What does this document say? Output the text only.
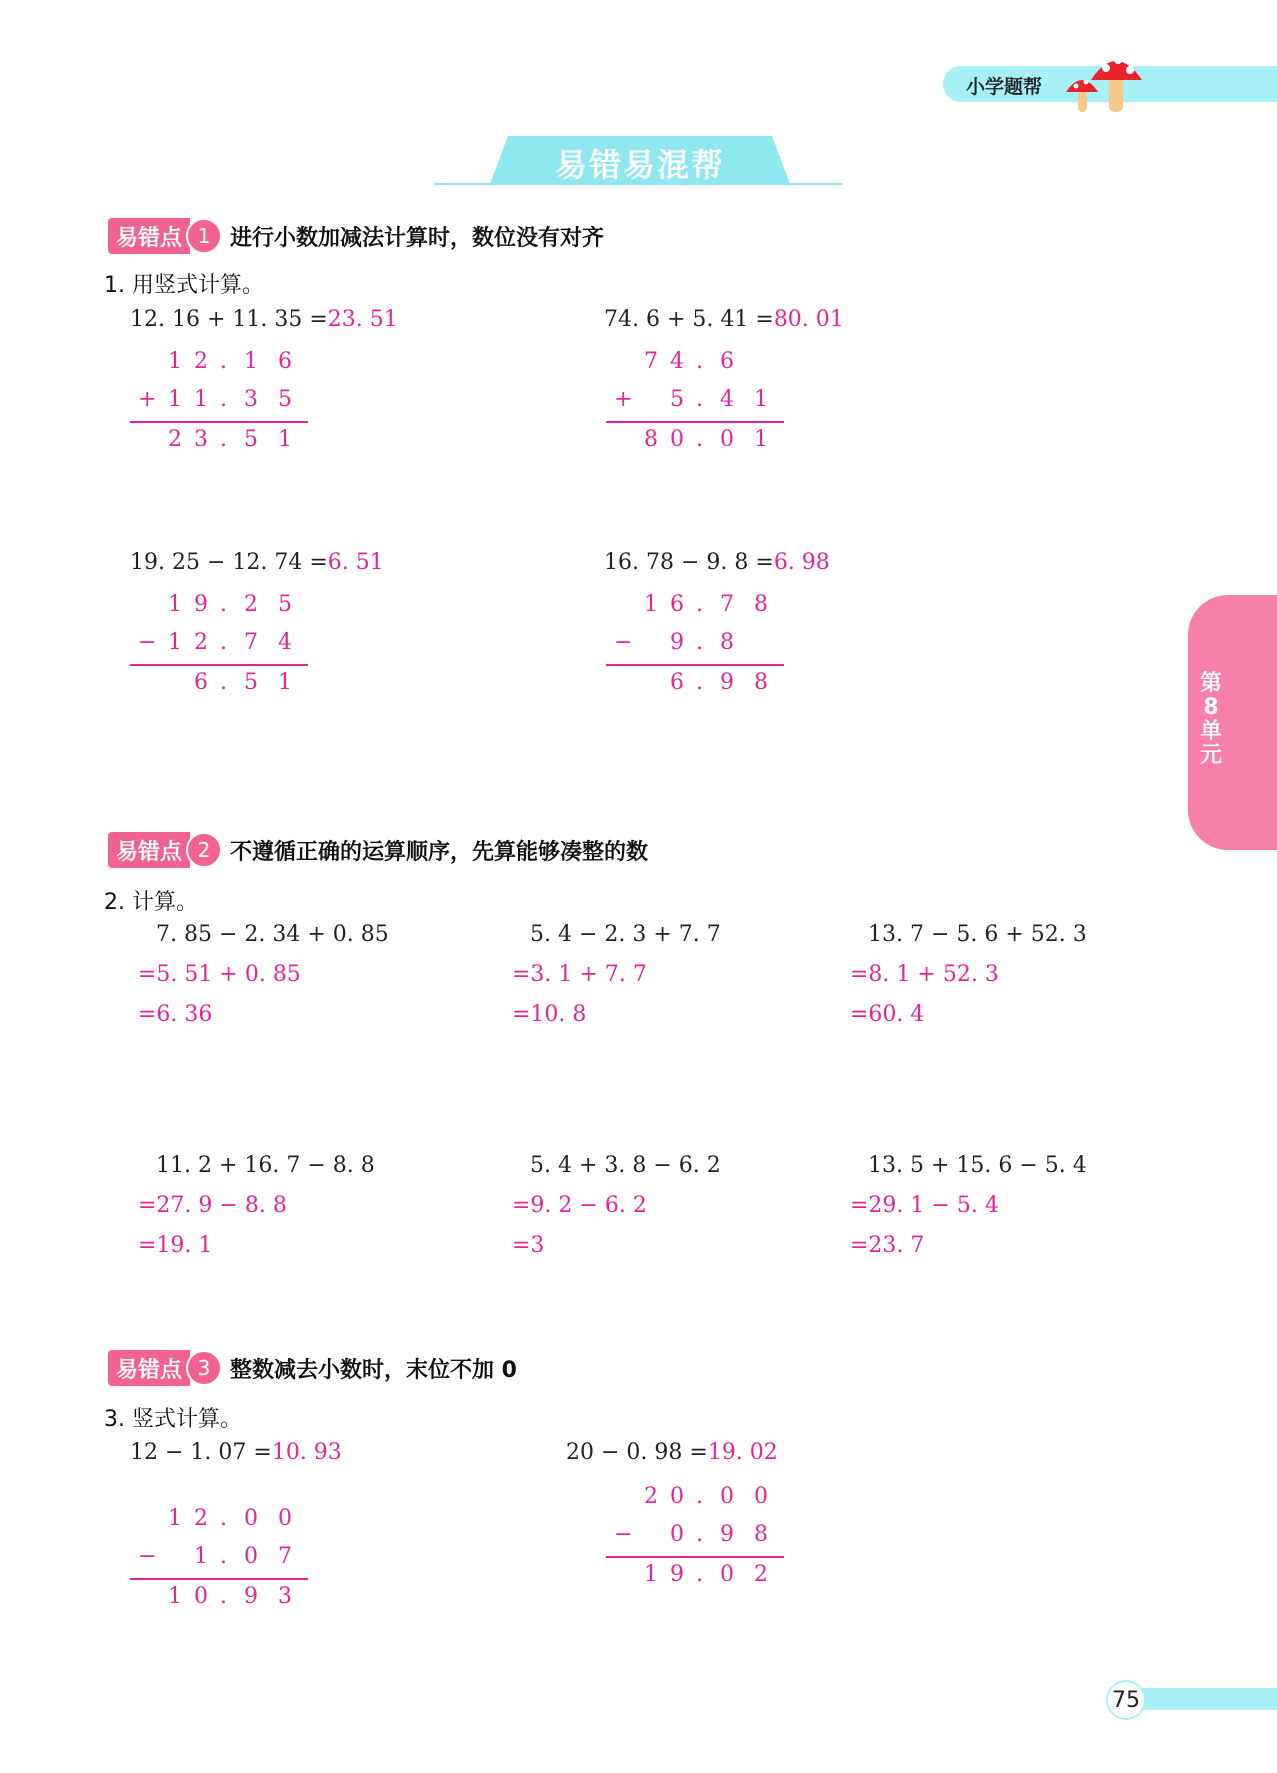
小学题帮
易错易混帮
易错点 1 进行小数加减法计算时，数位没有对齐
1. 用竖式计算。
12. 16 + 11. 35 =23. 51
1 2 . 1 6
+ 1 1 . 3 5
2 3 . 5 1
74. 6 + 5. 41 =80. 01
7 4 . 6
+ 5 . 4 1
8 0 . 0 1
19. 25 − 12. 74 =6. 51
1 9 . 2 5
− 1 2 . 7 4
6 . 5 1
16. 78 − 9. 8 =6. 98
1 6 . 7 8
− 9 . 8
6 . 9 8	第8单元
易错点 2 不遵循正确的运算顺序，先算能够凑整的数
2. 计算。
7. 85 − 2. 34 + 0. 85
=5. 51 + 0. 85
=6. 36
5. 4 − 2. 3 + 7. 7
=3. 1 + 7. 7
=10. 8
13. 7 − 5. 6 + 52. 3
=8. 1 + 52. 3
=60. 4
11. 2 + 16. 7 − 8. 8
=27. 9 − 8. 8
=19. 1
5. 4 + 3. 8 − 6. 2
=9. 2 − 6. 2
=3
13. 5 + 15. 6 − 5. 4
=29. 1 − 5. 4
=23. 7
易错点 3 整数减去小数时，末位不加 0
3. 竖式计算。
12 − 1. 07 =10. 93
1 2 . 0 0
− 1 . 0 7
1 0 . 9 3
20 − 0. 98 =19. 02
2 0 . 0 0
− 0 . 9 8
1 9 . 0 2
75
